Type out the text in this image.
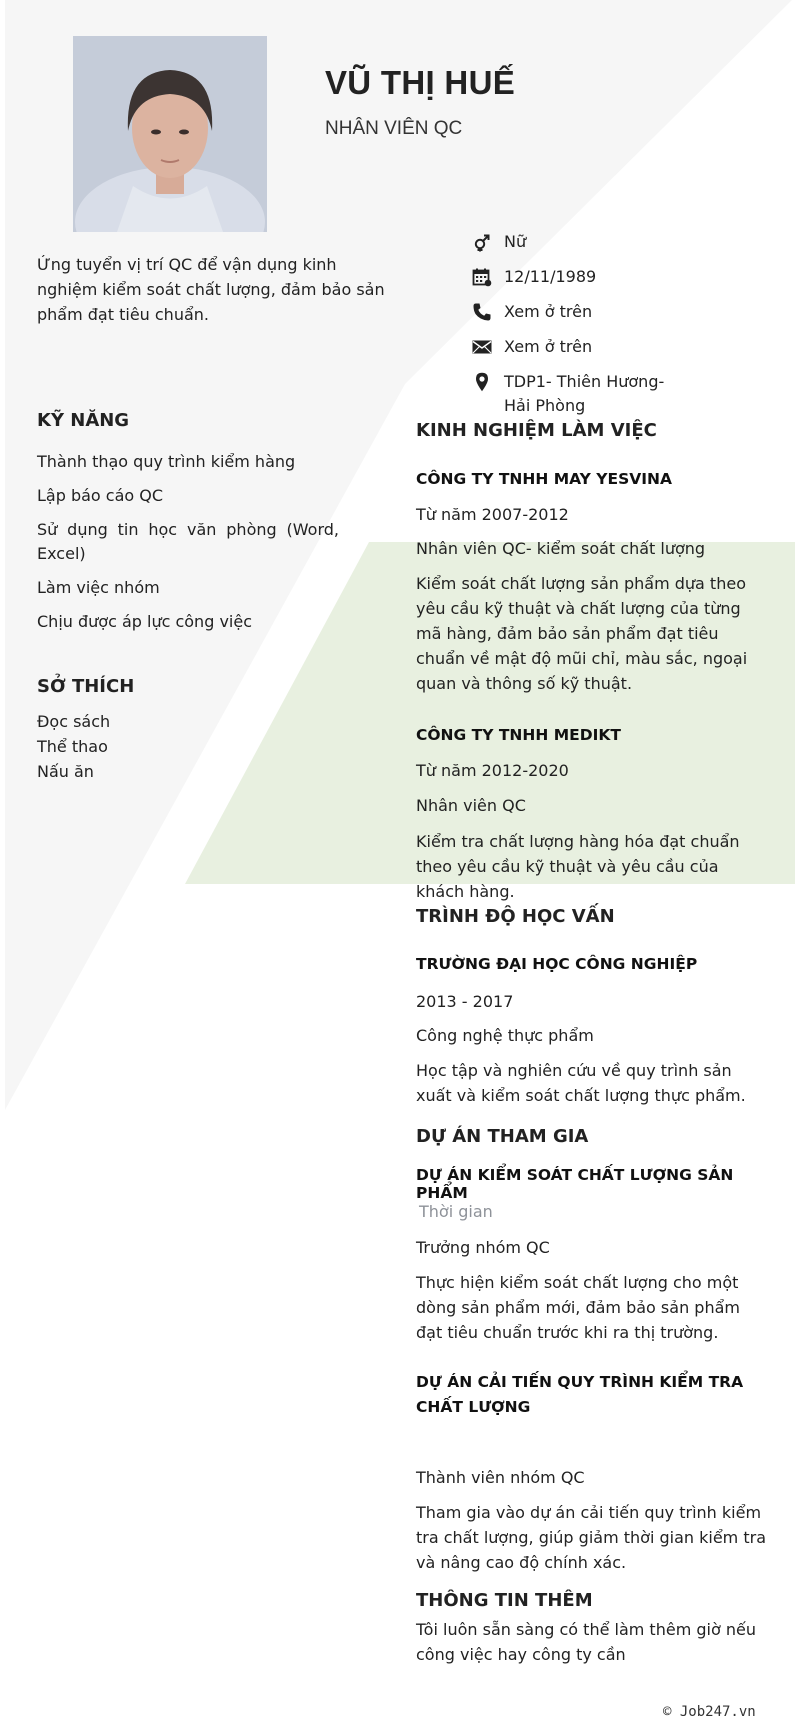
VŨ THỊ HUẾ
NHÂN VIÊN QC
Ứng tuyển vị trí QC để vận dụng kinh nghiệm kiểm soát chất lượng, đảm bảo sản phẩm đạt tiêu chuẩn.
Nữ
12/11/1989
Xem ở trên
Xem ở trên
TDP1- Thiên Hương- Hải Phòng
KỸ NĂNG
Thành thạo quy trình kiểm hàng
Lập báo cáo QC
Sử dụng tin học văn phòng (Word, Excel)
Làm việc nhóm
Chịu được áp lực công việc
SỞ THÍCH
Đọc sách
Thể thao
Nấu ăn
KINH NGHIỆM LÀM VIỆC
CÔNG TY TNHH MAY YESVINA
Từ năm 2007-2012
Nhân viên QC- kiểm soát chất lượng
Kiểm soát chất lượng sản phẩm dựa theo yêu cầu kỹ thuật và chất lượng của từng mã hàng, đảm bảo sản phẩm đạt tiêu chuẩn về mật độ mũi chỉ, màu sắc, ngoại quan và thông số kỹ thuật.
CÔNG TY TNHH MEDIKT
Từ năm 2012-2020
Nhân viên QC
Kiểm tra chất lượng hàng hóa đạt chuẩn theo yêu cầu kỹ thuật và yêu cầu của khách hàng.
TRÌNH ĐỘ HỌC VẤN
TRƯỜNG ĐẠI HỌC CÔNG NGHIỆP
2013 - 2017
Công nghệ thực phẩm
Học tập và nghiên cứu về quy trình sản xuất và kiểm soát chất lượng thực phẩm.
DỰ ÁN THAM GIA
DỰ ÁN KIỂM SOÁT CHẤT LƯỢNG SẢN PHẨM
Thời gian
Trưởng nhóm QC
Thực hiện kiểm soát chất lượng cho một dòng sản phẩm mới, đảm bảo sản phẩm đạt tiêu chuẩn trước khi ra thị trường.
DỰ ÁN CẢI TIẾN QUY TRÌNH KIỂM TRA CHẤT LƯỢNG
Thành viên nhóm QC
Tham gia vào dự án cải tiến quy trình kiểm tra chất lượng, giúp giảm thời gian kiểm tra và nâng cao độ chính xác.
THÔNG TIN THÊM
Tôi luôn sẵn sàng có thể làm thêm giờ nếu công việc hay công ty cần
© Job247.vn
